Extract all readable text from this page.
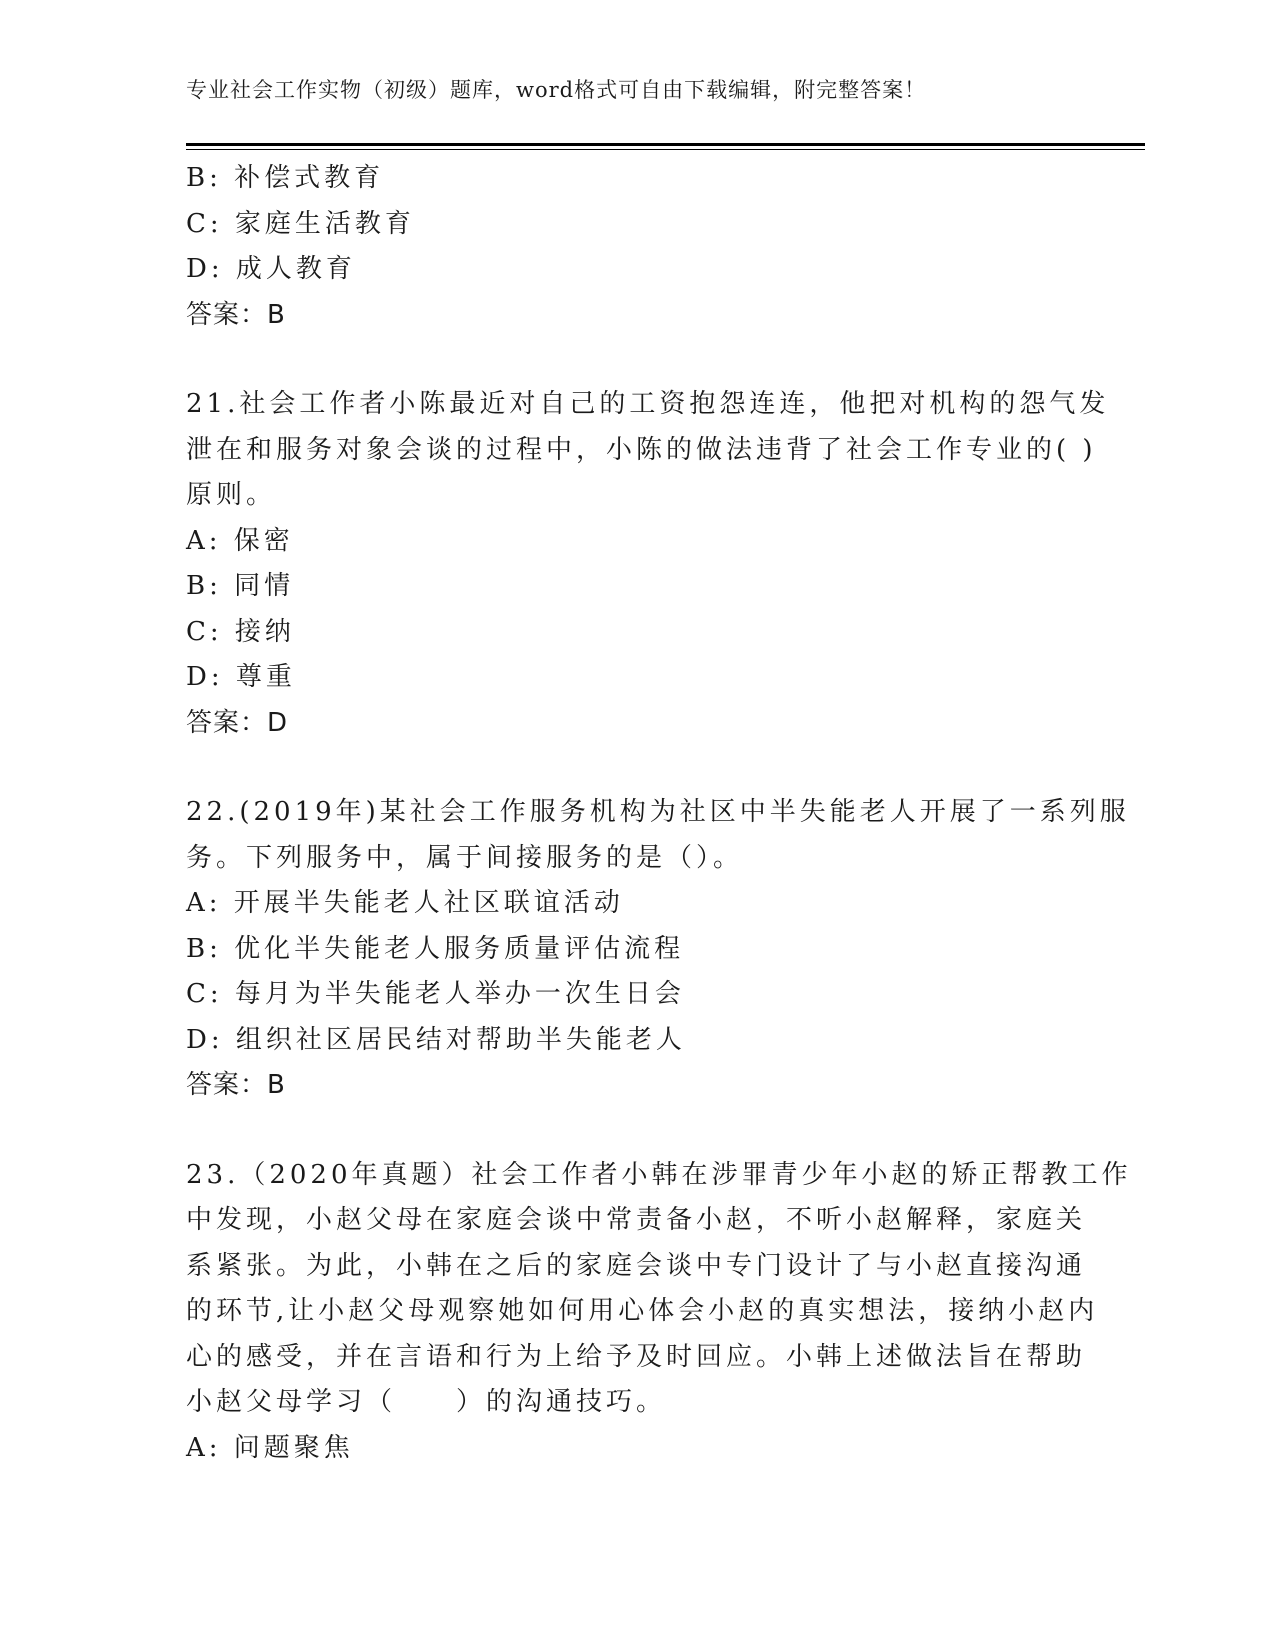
专业社会工作实物（初级）题库，word格式可自由下载编辑，附完整答案！
B: 补偿式教育
C: 家庭生活教育
D: 成人教育
答案：B
21.社会工作者小陈最近对自己的工资抱怨连连，他把对机构的怨气发
泄在和服务对象会谈的过程中，小陈的做法违背了社会工作专业的( )
原则。
A: 保密
B: 同情
C: 接纳
D: 尊重
答案：D
22.(2019年)某社会工作服务机构为社区中半失能老人开展了一系列服
务。下列服务中，属于间接服务的是（）。
A: 开展半失能老人社区联谊活动
B: 优化半失能老人服务质量评估流程
C: 每月为半失能老人举办一次生日会
D: 组织社区居民结对帮助半失能老人
答案：B
23.（2020年真题）社会工作者小韩在涉罪青少年小赵的矫正帮教工作
中发现，小赵父母在家庭会谈中常责备小赵，不听小赵解释，家庭关
系紧张。为此，小韩在之后的家庭会谈中专门设计了与小赵直接沟通
的环节,让小赵父母观察她如何用心体会小赵的真实想法，接纳小赵内
心的感受，并在言语和行为上给予及时回应。小韩上述做法旨在帮助
小赵父母学习（　　）的沟通技巧。
A: 问题聚焦
